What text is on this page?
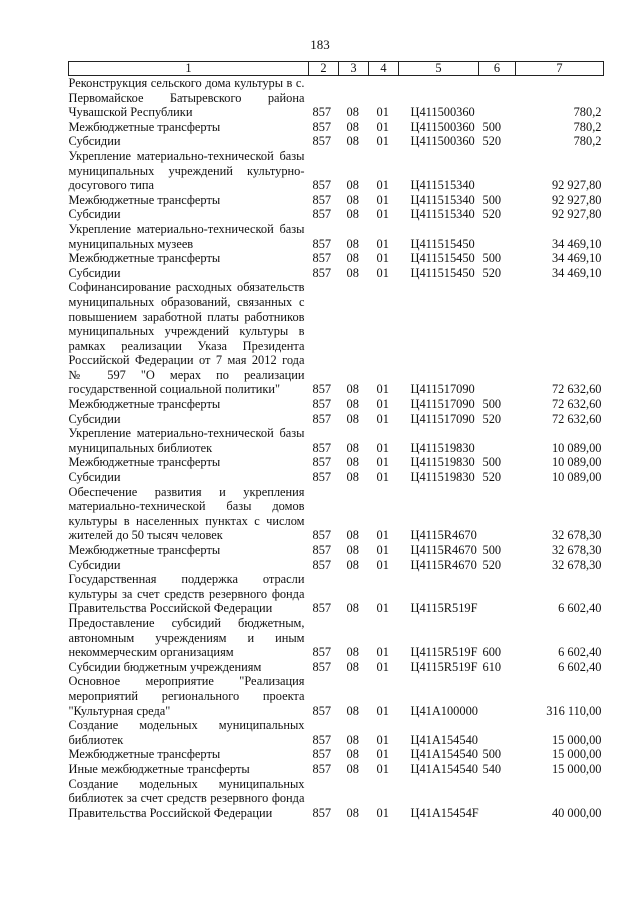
183
1	2	3	4	5	6	7
Реконструкция сельского дома культуры в с. Первомайское Батыревского района Чувашской Республики	857	08	01	Ц411500360		780,2
Межбюджетные трансферты	857	08	01	Ц411500360	500	780,2
Субсидии	857	08	01	Ц411500360	520	780,2
Укрепление материально-технической базы муниципальных учреждений культурно-досугового типа	857	08	01	Ц411515340		92 927,80
Межбюджетные трансферты	857	08	01	Ц411515340	500	92 927,80
Субсидии	857	08	01	Ц411515340	520	92 927,80
Укрепление материально-технической базы муниципальных музеев	857	08	01	Ц411515450		34 469,10
Межбюджетные трансферты	857	08	01	Ц411515450	500	34 469,10
Субсидии	857	08	01	Ц411515450	520	34 469,10
Софинансирование расходных обязательств муниципальных образований, связанных с повышением заработной платы работников муниципальных учреждений культуры в рамках реализации Указа Президента Российской Федерации от 7 мая 2012 года № 597 "О мерах по реализации государственной социальной политики"	857	08	01	Ц411517090		72 632,60
Межбюджетные трансферты	857	08	01	Ц411517090	500	72 632,60
Субсидии	857	08	01	Ц411517090	520	72 632,60
Укрепление материально-технической базы муниципальных библиотек	857	08	01	Ц411519830		10 089,00
Межбюджетные трансферты	857	08	01	Ц411519830	500	10 089,00
Субсидии	857	08	01	Ц411519830	520	10 089,00
Обеспечение развития и укрепления материально-технической базы домов культуры в населенных пунктах с числом жителей до 50 тысяч человек	857	08	01	Ц4115R4670		32 678,30
Межбюджетные трансферты	857	08	01	Ц4115R4670	500	32 678,30
Субсидии	857	08	01	Ц4115R4670	520	32 678,30
Государственная поддержка отрасли культуры за счет средств резервного фонда Правительства Российской Федерации	857	08	01	Ц4115R519F		6 602,40
Предоставление субсидий бюджетным, автономным учреждениям и иным некоммерческим организациям	857	08	01	Ц4115R519F	600	6 602,40
Субсидии бюджетным учреждениям	857	08	01	Ц4115R519F	610	6 602,40
Основное мероприятие "Реализация мероприятий регионального проекта "Культурная среда"	857	08	01	Ц41A100000		316 110,00
Создание модельных муниципальных библиотек	857	08	01	Ц41A154540		15 000,00
Межбюджетные трансферты	857	08	01	Ц41A154540	500	15 000,00
Иные межбюджетные трансферты	857	08	01	Ц41A154540	540	15 000,00
Создание модельных муниципальных библиотек за счет средств резервного фонда Правительства Российской Федерации	857	08	01	Ц41A15454F		40 000,00
